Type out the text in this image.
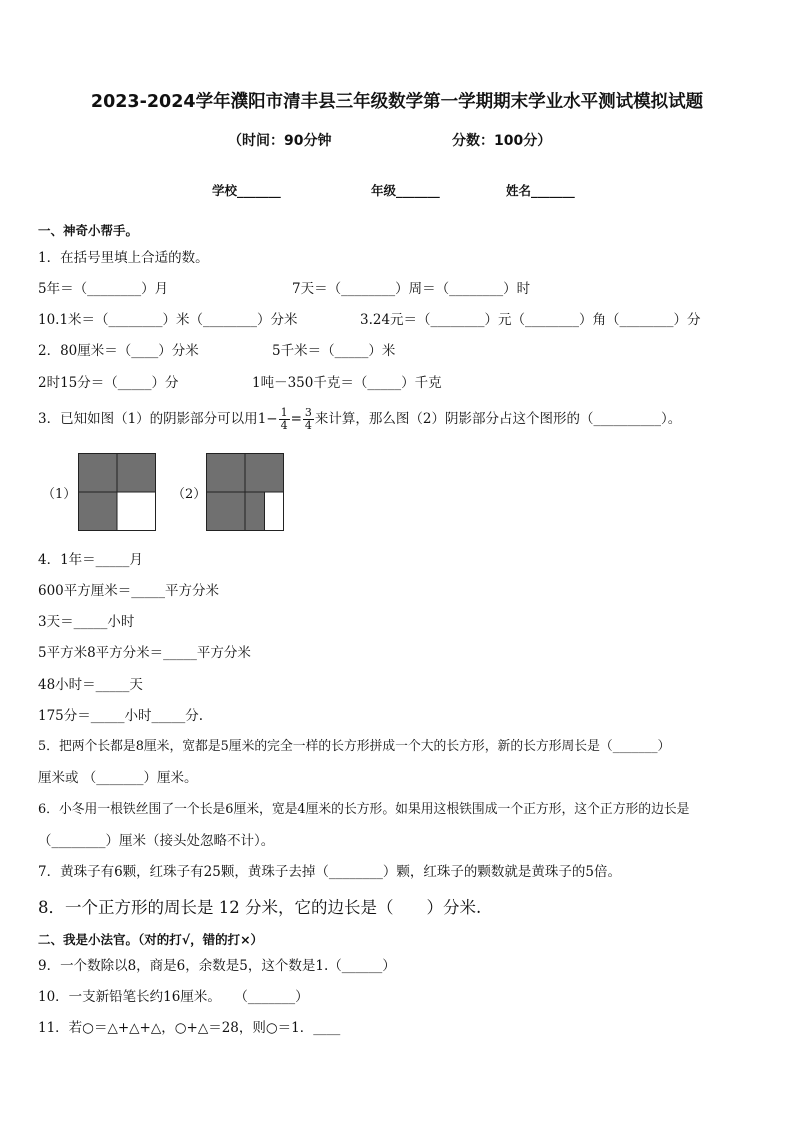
2023-2024学年濮阳市清丰县三年级数学第一学期期末学业水平测试模拟试题
（时间：90分钟	分数：100分）
学校_______	年级_______	姓名_______
一、神奇小帮手。
1．在括号里填上合适的数。
5年＝（________）月	7天＝（________）周＝（________）时
10.1米＝（________）米（________）分米	3.24元＝（________）元（________）角（________）分
2．80厘米＝（____）分米	5千米＝（_____）米
2时15分＝（_____）分	1吨－350千克＝（_____）千克
3．已知如图（1）的阴影部分可以用$1- \frac{1}{4} = \frac{3}{4}$ 来计算，那么图（2）阴影部分占这个图形的（__________）。
（1）	（2）
4．1年＝_____月
600平方厘米＝_____平方分米
3天＝_____小时
5平方米8平方分米＝_____平方分米
48小时＝_____天
175分＝_____小时_____分.
5．把两个长都是8厘米，宽都是5厘米的完全一样的长方形拼成一个大的长方形，新的长方形周长是（_______）
厘米或 （_______）厘米。
6．小冬用一根铁丝围了一个长是6厘米，宽是4厘米的长方形。如果用这根铁围成一个正方形，这个正方形的边长是
（________）厘米（接头处忽略不计）。
7．黄珠子有6颗，红珠子有25颗，黄珠子去掉（________）颗，红珠子的颗数就是黄珠子的5倍。
8．一个正方形的周长是 12 分米，它的边长是（　　）分米.
二、我是小法官。（对的打√，错的打×）
9．一个数除以8，商是6，余数是5，这个数是1.（______）
10．一支新铅笔长约16厘米。　　（_______）
11．若○＝△+△+△，○+△＝28，则○＝1．____
